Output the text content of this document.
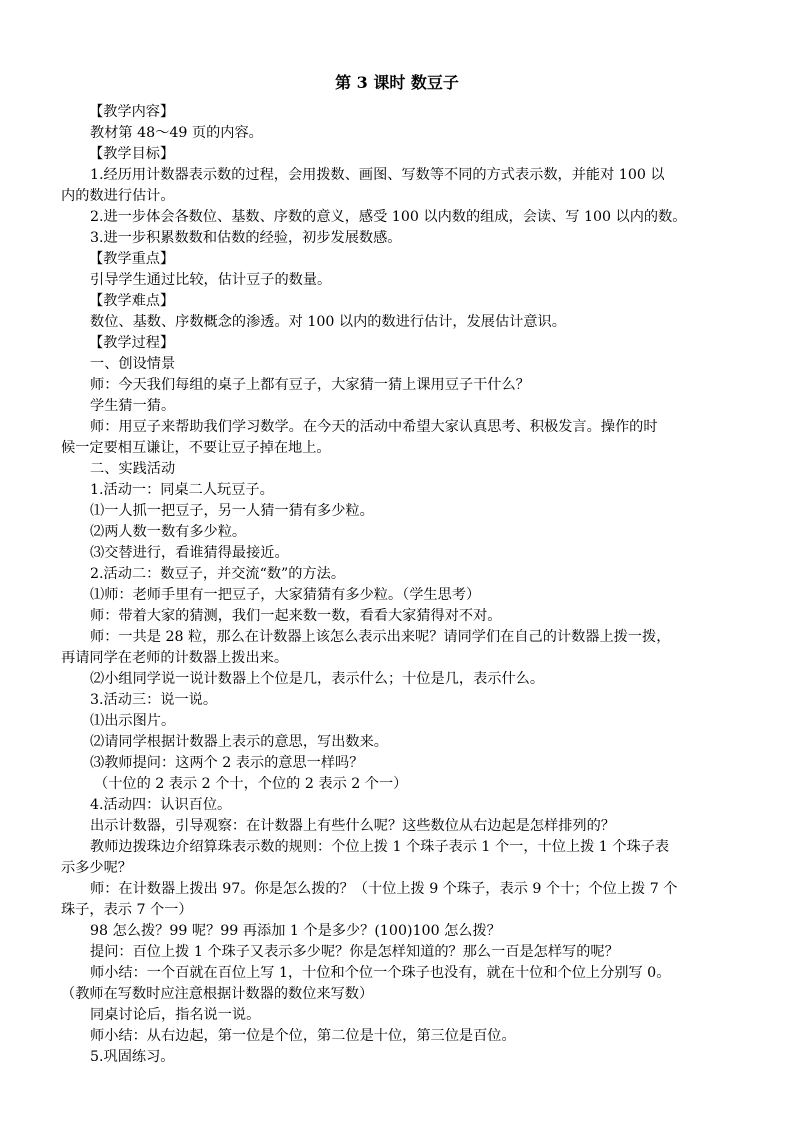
第 3 课时 数豆子
【教学内容】
教材第 48～49 页的内容。
【教学目标】
1.经历用计数器表示数的过程，会用拨数、画图、写数等不同的方式表示数，并能对 100 以
内的数进行估计。
2.进一步体会各数位、基数、序数的意义，感受 100 以内数的组成，会读、写 100 以内的数。
3.进一步积累数数和估数的经验，初步发展数感。
【教学重点】
引导学生通过比较，估计豆子的数量。
【教学难点】
数位、基数、序数概念的渗透。对 100 以内的数进行估计，发展估计意识。
【教学过程】
一、创设情景
师：今天我们每组的桌子上都有豆子，大家猜一猜上课用豆子干什么？
学生猜一猜。
师：用豆子来帮助我们学习数学。在今天的活动中希望大家认真思考、积极发言。操作的时
候一定要相互谦让，不要让豆子掉在地上。
二、实践活动
1.活动一：同桌二人玩豆子。
⑴一人抓一把豆子，另一人猜一猜有多少粒。
⑵两人数一数有多少粒。
⑶交替进行，看谁猜得最接近。
2.活动二：数豆子，并交流“数”的方法。
⑴师：老师手里有一把豆子，大家猜猜有多少粒。（学生思考）
师：带着大家的猜测，我们一起来数一数，看看大家猜得对不对。
师：一共是 28 粒，那么在计数器上该怎么表示出来呢？请同学们在自己的计数器上拨一拨，
再请同学在老师的计数器上拨出来。
⑵小组同学说一说计数器上个位是几，表示什么；十位是几，表示什么。
3.活动三：说一说。
⑴出示图片。
⑵请同学根据计数器上表示的意思，写出数来。
⑶教师提问：这两个 2 表示的意思一样吗？
（十位的 2 表示 2 个十，个位的 2 表示 2 个一）
4.活动四：认识百位。
出示计数器，引导观察：在计数器上有些什么呢？这些数位从右边起是怎样排列的？
教师边拨珠边介绍算珠表示数的规则：个位上拨 1 个珠子表示 1 个一，十位上拨 1 个珠子表
示多少呢？
师：在计数器上拨出 97。你是怎么拨的？（十位上拨 9 个珠子，表示 9 个十；个位上拨 7 个
珠子，表示 7 个一）
98 怎么拨？99 呢？99 再添加 1 个是多少？(100)100 怎么拨？
提问：百位上拨 1 个珠子又表示多少呢？你是怎样知道的？那么一百是怎样写的呢？
师小结：一个百就在百位上写 1，十位和个位一个珠子也没有，就在十位和个位上分别写 0。
（教师在写数时应注意根据计数器的数位来写数）
同桌讨论后，指名说一说。
师小结：从右边起，第一位是个位，第二位是十位，第三位是百位。
5.巩固练习。
